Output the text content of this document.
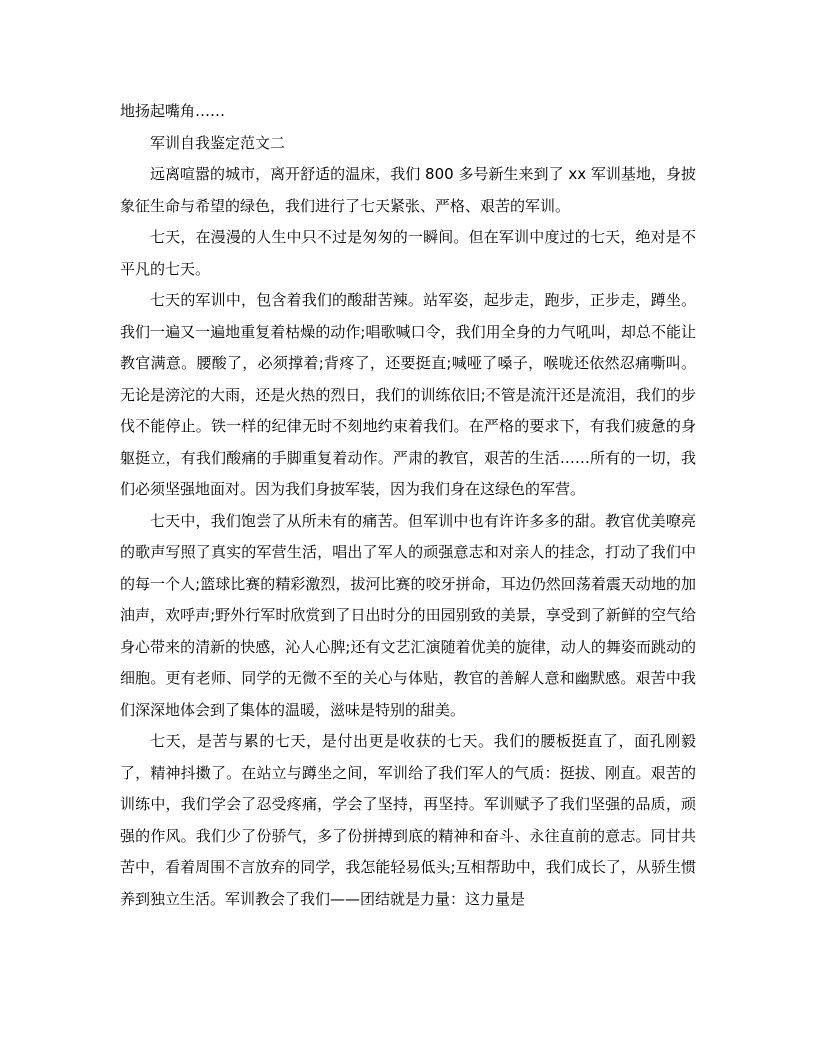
地扬起嘴角……

军训自我鉴定范文二

远离喧嚣的城市，离开舒适的温床，我们 800 多号新生来到了 xx 军训基地，身披象征生命与希望的绿色，我们进行了七天紧张、严格、艰苦的军训。

七天，在漫漫的人生中只不过是匆匆的一瞬间。但在军训中度过的七天，绝对是不平凡的七天。

七天的军训中，包含着我们的酸甜苦辣。站军姿，起步走，跑步，正步走，蹲坐。我们一遍又一遍地重复着枯燥的动作;唱歌喊口令，我们用全身的力气吼叫，却总不能让教官满意。腰酸了，必须撑着;背疼了，还要挺直;喊哑了嗓子，喉咙还依然忍痛嘶叫。无论是滂沱的大雨，还是火热的烈日，我们的训练依旧;不管是流汗还是流泪，我们的步伐不能停止。铁一样的纪律无时不刻地约束着我们。在严格的要求下，有我们疲惫的身躯挺立，有我们酸痛的手脚重复着动作。严肃的教官，艰苦的生活……所有的一切，我们必须坚强地面对。因为我们身披军装，因为我们身在这绿色的军营。

七天中，我们饱尝了从所未有的痛苦。但军训中也有许许多多的甜。教官优美嘹亮的歌声写照了真实的军营生活，唱出了军人的顽强意志和对亲人的挂念，打动了我们中的每一个人;篮球比赛的精彩激烈，拔河比赛的咬牙拼命，耳边仍然回荡着震天动地的加油声，欢呼声;野外行军时欣赏到了日出时分的田园别致的美景，享受到了新鲜的空气给身心带来的清新的快感，沁人心脾;还有文艺汇演随着优美的旋律，动人的舞姿而跳动的细胞。更有老师、同学的无微不至的关心与体贴，教官的善解人意和幽默感。艰苦中我们深深地体会到了集体的温暖，滋味是特别的甜美。

七天，是苦与累的七天，是付出更是收获的七天。我们的腰板挺直了，面孔刚毅了，精神抖擞了。在站立与蹲坐之间，军训给了我们军人的气质：挺拔、刚直。艰苦的训练中，我们学会了忍受疼痛，学会了坚持，再坚持。军训赋予了我们坚强的品质，顽强的作风。我们少了份骄气，多了份拼搏到底的精神和奋斗、永往直前的意志。同甘共苦中，看着周围不言放弃的同学，我怎能轻易低头;互相帮助中，我们成长了，从骄生惯养到独立生活。军训教会了我们——团结就是力量：这力量是
